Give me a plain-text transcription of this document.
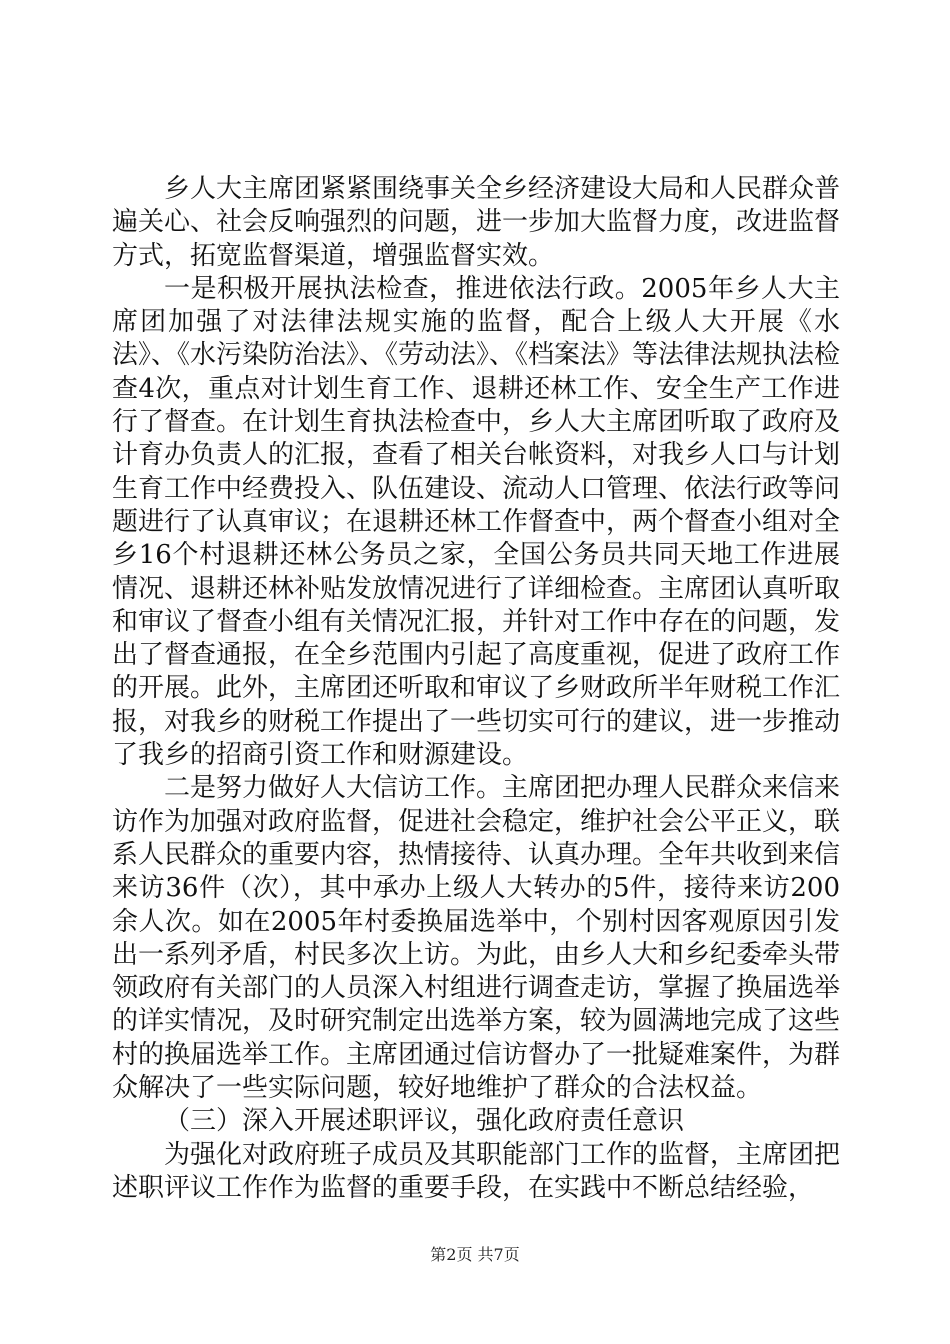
乡人大主席团紧紧围绕事关全乡经济建设大局和人民群众普遍关心、社会反响强烈的问题，进一步加大监督力度，改进监督方式，拓宽监督渠道，增强监督实效。

一是积极开展执法检查，推进依法行政。2005年乡人大主席团加强了对法律法规实施的监督，配合上级人大开展《水法》、《水污染防治法》、《劳动法》、《档案法》等法律法规执法检查4次，重点对计划生育工作、退耕还林工作、安全生产工作进行了督查。在计划生育执法检查中，乡人大主席团听取了政府及计育办负责人的汇报，查看了相关台帐资料，对我乡人口与计划生育工作中经费投入、队伍建设、流动人口管理、依法行政等问题进行了认真审议；在退耕还林工作督查中，两个督查小组对全乡16个村退耕还林公务员之家，全国公务员共同天地工作进展情况、退耕还林补贴发放情况进行了详细检查。主席团认真听取和审议了督查小组有关情况汇报，并针对工作中存在的问题，发出了督查通报，在全乡范围内引起了高度重视，促进了政府工作的开展。此外，主席团还听取和审议了乡财政所半年财税工作汇报，对我乡的财税工作提出了一些切实可行的建议，进一步推动了我乡的招商引资工作和财源建设。

二是努力做好人大信访工作。主席团把办理人民群众来信来访作为加强对政府监督，促进社会稳定，维护社会公平正义，联系人民群众的重要内容，热情接待、认真办理。全年共收到来信来访36件（次），其中承办上级人大转办的5件，接待来访200余人次。如在2005年村委换届选举中，个别村因客观原因引发出一系列矛盾，村民多次上访。为此，由乡人大和乡纪委牵头带领政府有关部门的人员深入村组进行调查走访，掌握了换届选举的详实情况，及时研究制定出选举方案，较为圆满地完成了这些村的换届选举工作。主席团通过信访督办了一批疑难案件，为群众解决了一些实际问题，较好地维护了群众的合法权益。

（三）深入开展述职评议，强化政府责任意识

为强化对政府班子成员及其职能部门工作的监督，主席团把述职评议工作作为监督的重要手段，在实践中不断总结经验，

第2页 共7页
